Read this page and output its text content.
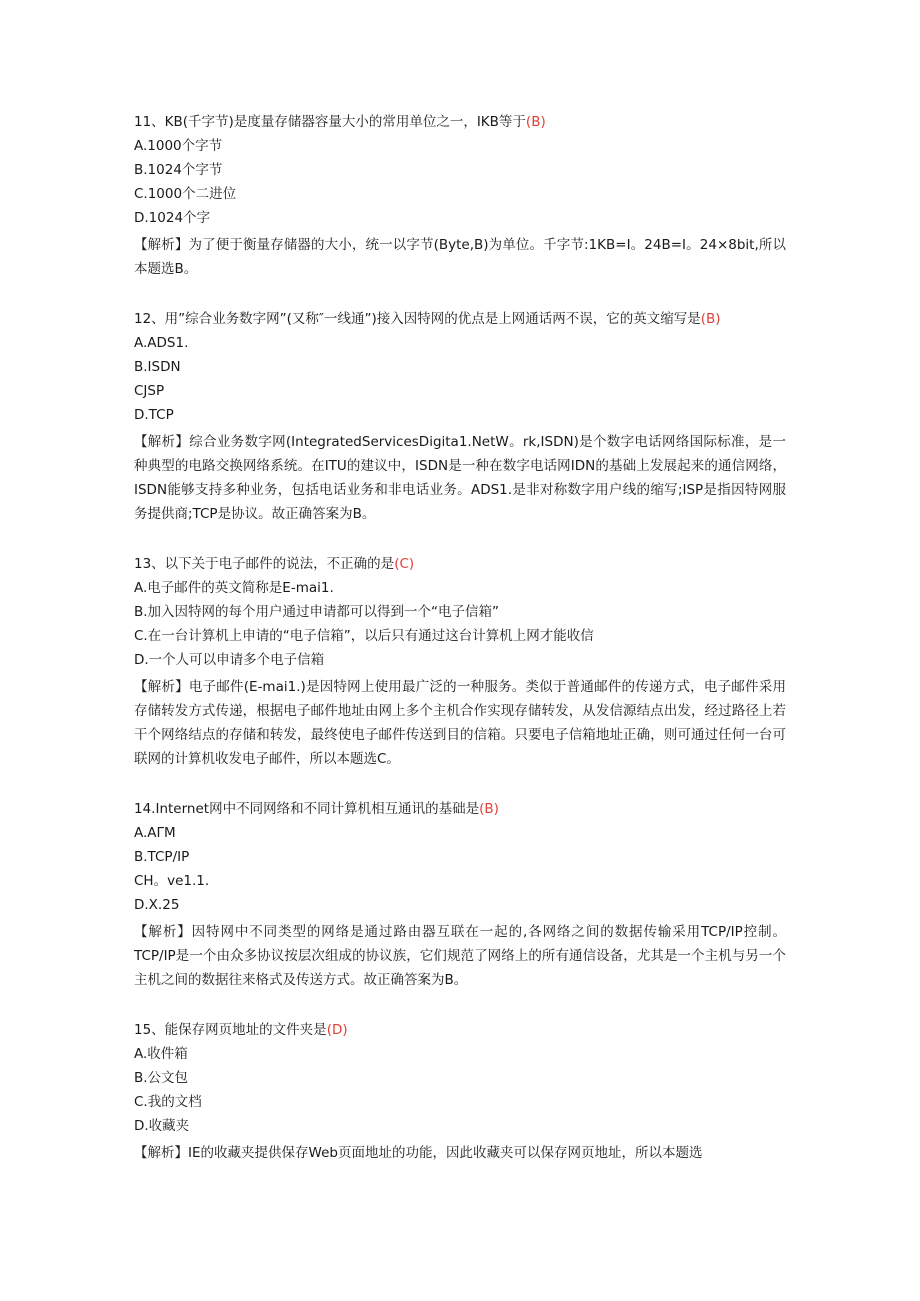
11、KB(千字节)是度量存储器容量大小的常用单位之一，IKB等于(B)
A.1000个字节
B.1024个字节
C.1000个二进位
D.1024个字
【解析】为了便于衡量存储器的大小，统一以字节(Byte,B)为单位。千字节:1KB=I。24B=I。24×8bit,所以本题选B。
12、用”综合业务数字网”(又称″一线通”)接入因特网的优点是上网通话两不误，它的英文缩写是(B)
A.ADS1.
B.ISDN
CJSP
D.TCP
【解析】综合业务数字网(IntegratedServicesDigita1.NetW。rk,ISDN)是个数字电话网络国际标准，是一种典型的电路交换网络系统。在ITU的建议中，ISDN是一种在数字电话网IDN的基础上发展起来的通信网络，ISDN能够支持多种业务，包括电话业务和非电话业务。ADS1.是非对称数字用户线的缩写;ISP是指因特网服务提供商;TCP是协议。故正确答案为B。
13、以下关于电子邮件的说法，不正确的是(C)
A.电子邮件的英文简称是E-mai1.
B.加入因特网的每个用户通过申请都可以得到一个“电子信箱”
C.在一台计算机上申请的“电子信箱”，以后只有通过这台计算机上网才能收信
D.一个人可以申请多个电子信箱
【解析】电子邮件(E-mai1.)是因特网上使用最广泛的一种服务。类似于普通邮件的传递方式，电子邮件采用存储转发方式传递，根据电子邮件地址由网上多个主机合作实现存储转发，从发信源结点出发，经过路径上若干个网络结点的存储和转发，最终使电子邮件传送到目的信箱。只要电子信箱地址正确，则可通过任何一台可联网的计算机收发电子邮件，所以本题选C。
14.Internet网中不同网络和不同计算机相互通讯的基础是(B)
A.AΓΜ
B.TCP/IP
CH。ve1.1.
D.X.25
【解析】因特网中不同类型的网络是通过路由器互联在一起的,各网络之间的数据传输采用TCP/IP控制。TCP/IP是一个由众多协议按层次组成的协议族，它们规范了网络上的所有通信设备，尤其是一个主机与另一个主机之间的数据往来格式及传送方式。故正确答案为B。
15、能保存网页地址的文件夹是(D)
A.收件箱
B.公文包
C.我的文档
D.收藏夹
【解析】IE的收藏夹提供保存Web页面地址的功能，因此收藏夹可以保存网页地址，所以本题选
